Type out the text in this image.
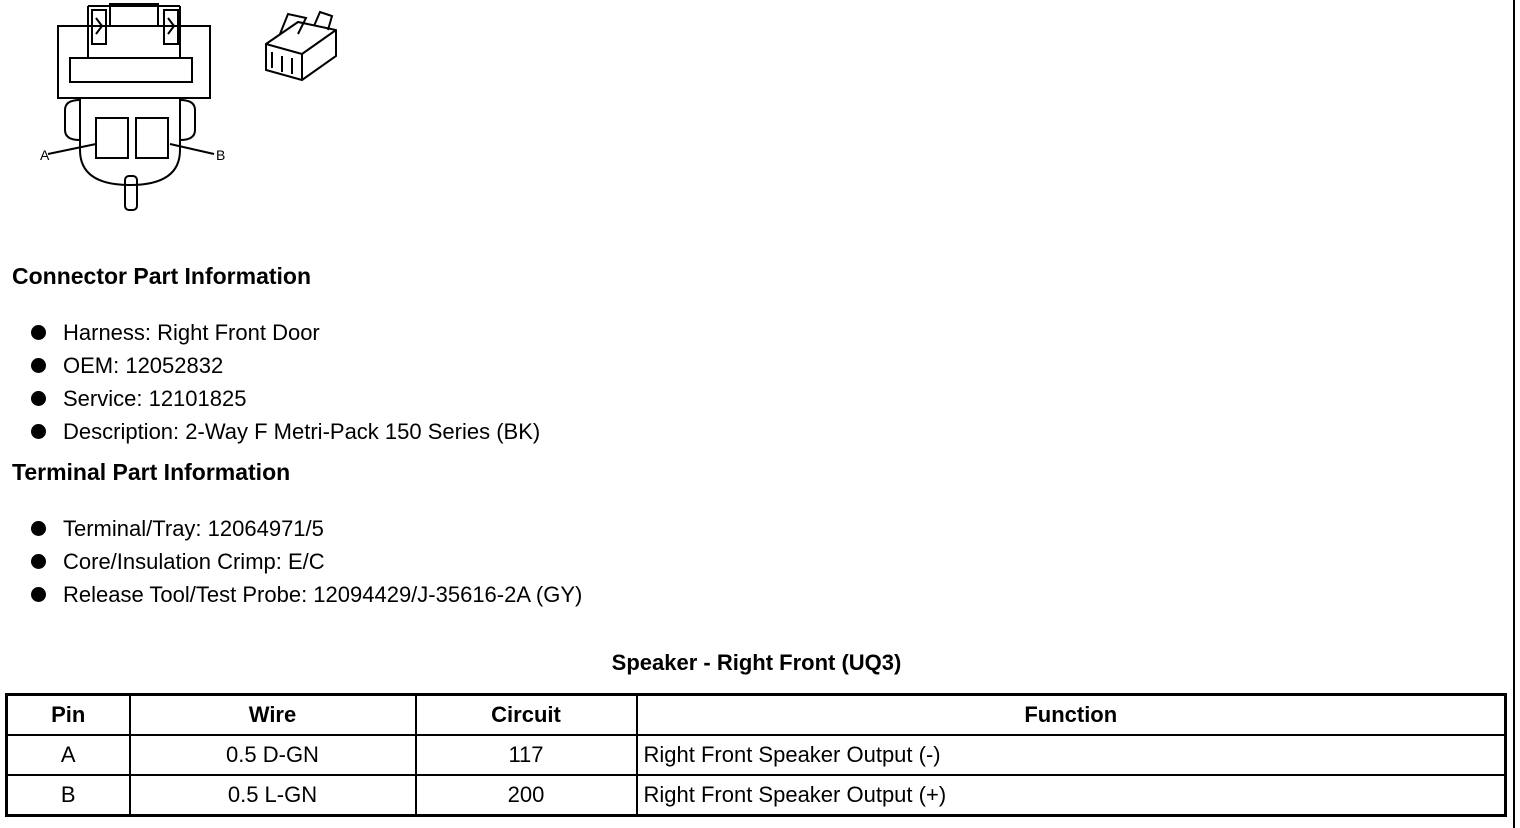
A	B
Connector Part Information
Harness: Right Front Door
OEM: 12052832
Service: 12101825
Description: 2-Way F Metri-Pack 150 Series (BK)
Terminal Part Information
Terminal/Tray: 12064971/5
Core/Insulation Crimp: E/C
Release Tool/Test Probe: 12094429/J-35616-2A (GY)
Speaker - Right Front (UQ3)
Pin	Wire	Circuit	Function
A	0.5 D-GN	117	Right Front Speaker Output (-)
B	0.5 L-GN	200	Right Front Speaker Output (+)
